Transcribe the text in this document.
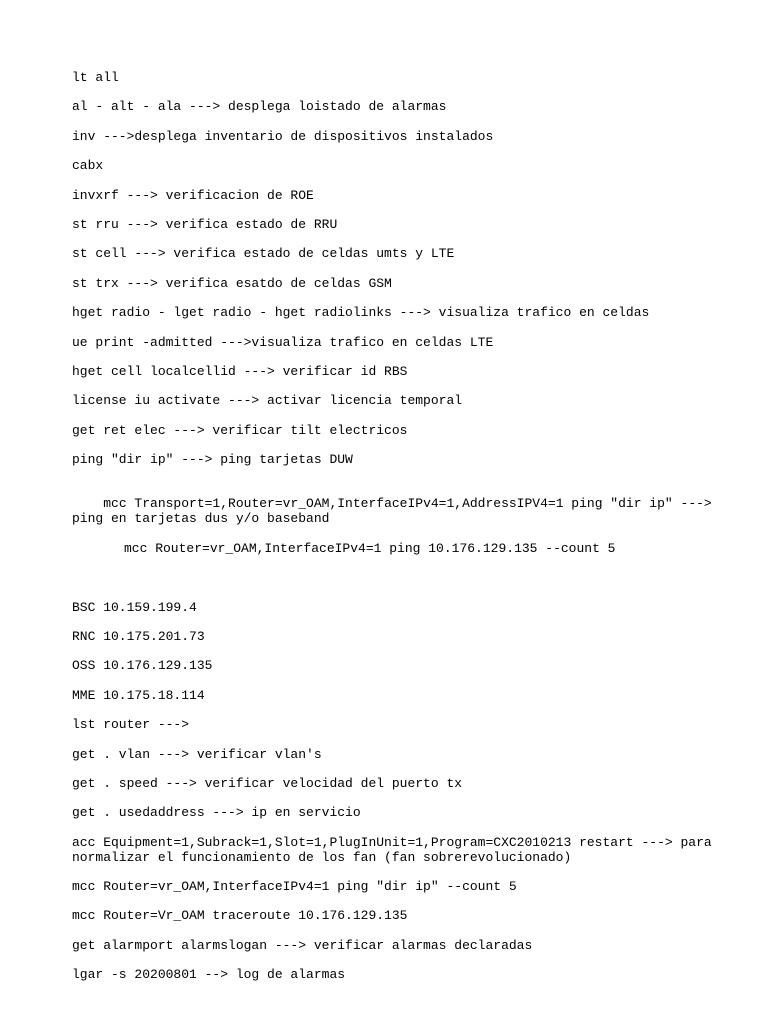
lt all
al - alt - ala ---> desplega loistado de alarmas
inv --->desplega inventario de dispositivos instalados
cabx
invxrf ---> verificacion de ROE
st rru ---> verifica estado de RRU
st cell ---> verifica estado de celdas umts y LTE
st trx ---> verifica esatdo de celdas GSM
hget radio - lget radio - hget radiolinks ---> visualiza trafico en celdas
ue print -admitted --->visualiza trafico en celdas LTE
hget cell localcellid ---> verificar id RBS
license iu activate ---> activar licencia temporal
get ret elec ---> verificar tilt electricos
ping "dir ip" ---> ping tarjetas DUW

mcc Transport=1,Router=vr_OAM,InterfaceIPv4=1,AddressIPV4=1 ping "dir ip" ---> ping en tarjetas dus y/o baseband

mcc Router=vr_OAM,InterfaceIPv4=1 ping 10.176.129.135 --count 5

BSC 10.159.199.4
RNC 10.175.201.73
OSS 10.176.129.135
MME 10.175.18.114
lst router --->
get . vlan ---> verificar vlan's
get . speed ---> verificar velocidad del puerto tx
get . usedaddress ---> ip en servicio
acc Equipment=1,Subrack=1,Slot=1,PlugInUnit=1,Program=CXC2010213 restart ---> para normalizar el funcionamiento de los fan (fan sobrerevolucionado)
mcc Router=vr_OAM,InterfaceIPv4=1 ping "dir ip" --count 5
mcc Router=Vr_OAM traceroute 10.176.129.135
get alarmport alarmslogan ---> verificar alarmas declaradas
lgar -s 20200801 --> log de alarmas
